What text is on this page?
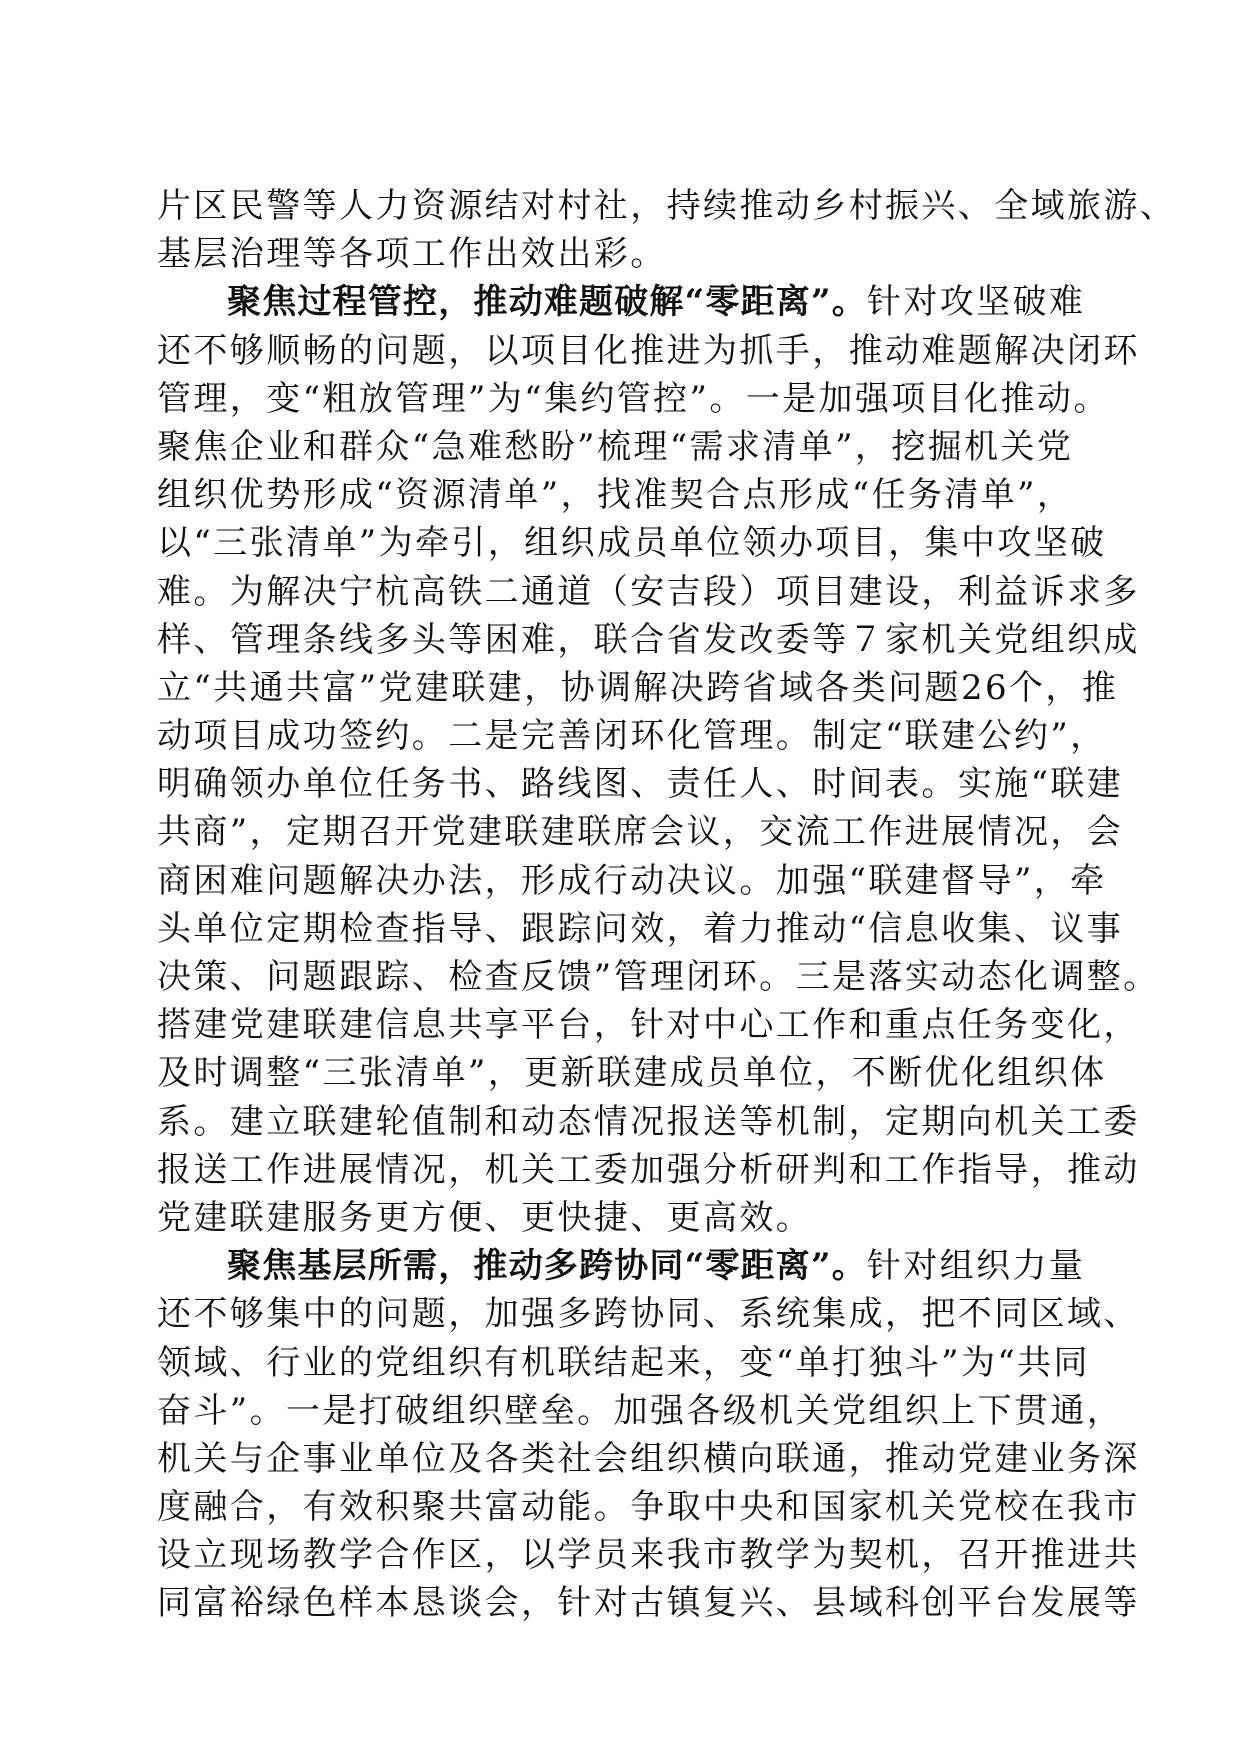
片区民警等人力资源结对村社，持续推动乡村振兴、全域旅游、
基层治理等各项工作出效出彩。
聚焦过程管控，推动难题破解“零距离”。针对攻坚破难
还不够顺畅的问题，以项目化推进为抓手，推动难题解决闭环
管理，变“粗放管理”为“集约管控”。一是加强项目化推动。
聚焦企业和群众“急难愁盼”梳理“需求清单”，挖掘机关党
组织优势形成“资源清单”，找准契合点形成“任务清单”，
以“三张清单”为牵引，组织成员单位领办项目，集中攻坚破
难。为解决宁杭高铁二通道（安吉段）项目建设，利益诉求多
样、管理条线多头等困难，联合省发改委等７家机关党组织成
立“共通共富”党建联建，协调解决跨省域各类问题26个，推
动项目成功签约。二是完善闭环化管理。制定“联建公约”，
明确领办单位任务书、路线图、责任人、时间表。实施“联建
共商”，定期召开党建联建联席会议，交流工作进展情况，会
商困难问题解决办法，形成行动决议。加强“联建督导”，牵
头单位定期检查指导、跟踪问效，着力推动“信息收集、议事
决策、问题跟踪、检查反馈”管理闭环。三是落实动态化调整。
搭建党建联建信息共享平台，针对中心工作和重点任务变化，
及时调整“三张清单”，更新联建成员单位，不断优化组织体
系。建立联建轮值制和动态情况报送等机制，定期向机关工委
报送工作进展情况，机关工委加强分析研判和工作指导，推动
党建联建服务更方便、更快捷、更高效。
聚焦基层所需，推动多跨协同“零距离”。针对组织力量
还不够集中的问题，加强多跨协同、系统集成，把不同区域、
领域、行业的党组织有机联结起来，变“单打独斗”为“共同
奋斗”。一是打破组织壁垒。加强各级机关党组织上下贯通，
机关与企事业单位及各类社会组织横向联通，推动党建业务深
度融合，有效积聚共富动能。争取中央和国家机关党校在我市
设立现场教学合作区，以学员来我市教学为契机，召开推进共
同富裕绿色样本恳谈会，针对古镇复兴、县域科创平台发展等
